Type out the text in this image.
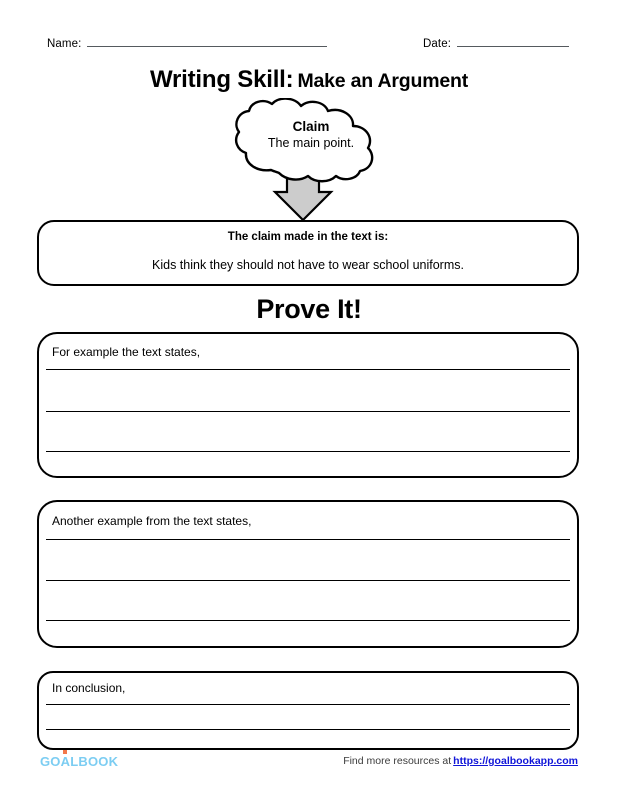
Name:	Date:
Writing Skill: Make an Argument
Claim
The main point.
The claim made in the text is:
Kids think they should not have to wear school uniforms.
Prove It!
For example the text states,
Another example from the text states,
In conclusion,
GO
ALBOOK	Find more resources at https://goalbookapp.com
